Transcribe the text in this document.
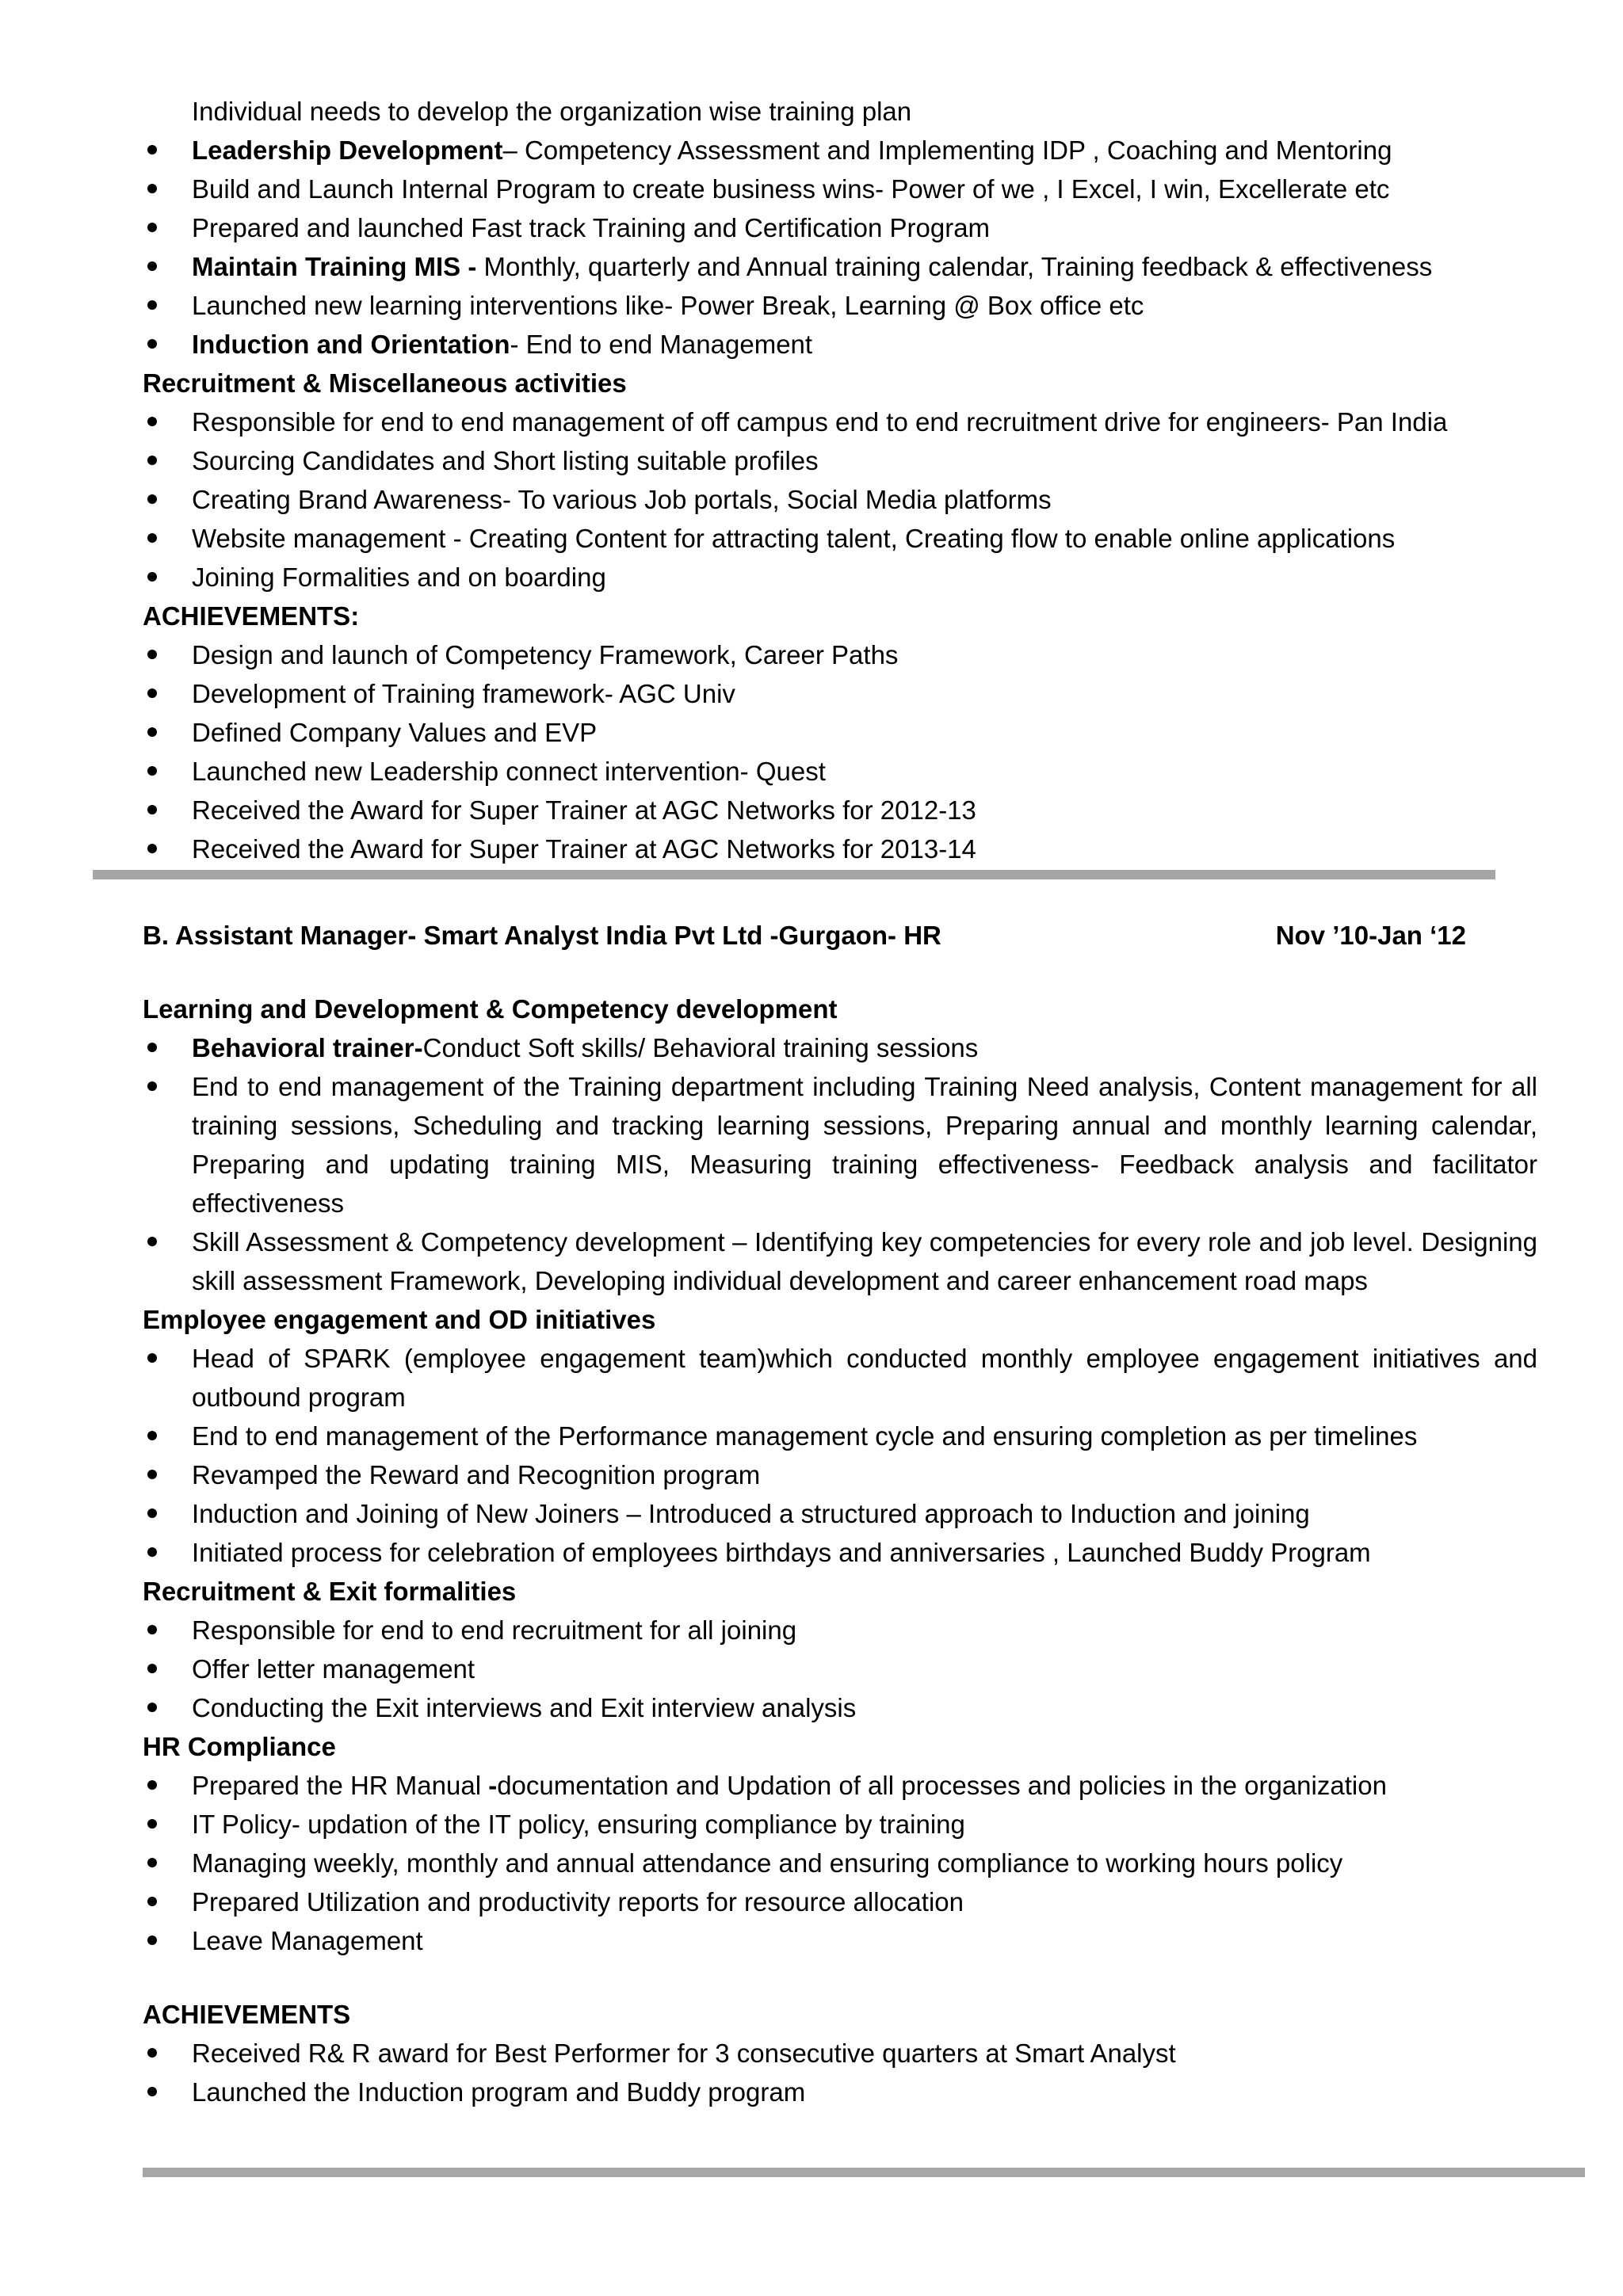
Individual needs to develop the organization wise training plan
Leadership Development– Competency Assessment and Implementing IDP , Coaching and Mentoring
Build and Launch Internal Program to create business wins- Power of we , I Excel, I win, Excellerate etc
Prepared and launched Fast track Training and Certification Program
Maintain Training MIS - Monthly, quarterly and Annual training calendar, Training feedback & effectiveness
Launched new learning interventions like- Power Break, Learning @ Box office etc
Induction and Orientation- End to end Management
Recruitment & Miscellaneous activities
Responsible for end to end management of off campus end to end recruitment drive for engineers- Pan India
Sourcing Candidates and Short listing suitable profiles
Creating Brand Awareness- To various Job portals, Social Media platforms
Website management - Creating Content for attracting talent, Creating flow to enable online applications
Joining Formalities and on boarding
ACHIEVEMENTS:
Design and launch of Competency Framework, Career Paths
Development of Training framework- AGC Univ
Defined Company Values and EVP
Launched new Leadership connect intervention- Quest
Received the Award for Super Trainer at AGC Networks for 2012-13
Received the Award for Super Trainer at AGC Networks for 2013-14
B. Assistant Manager- Smart Analyst India Pvt Ltd -Gurgaon- HR	Nov ’10-Jan ‘12
Learning and Development & Competency development
Behavioral trainer-Conduct Soft skills/ Behavioral training sessions
End to end management of the Training department including Training Need analysis, Content management for all training sessions, Scheduling and tracking learning sessions, Preparing annual and monthly learning calendar, Preparing and updating training MIS, Measuring training effectiveness- Feedback analysis and facilitator effectiveness
Skill Assessment & Competency development – Identifying key competencies for every role and job level. Designing skill assessment Framework, Developing individual development and career enhancement road maps
Employee engagement and OD initiatives
Head of SPARK (employee engagement team)which conducted monthly employee engagement initiatives and outbound program
End to end management of the Performance management cycle and ensuring completion as per timelines
Revamped the Reward and Recognition program
Induction and Joining of New Joiners – Introduced a structured approach to Induction and joining
Initiated process for celebration of employees birthdays and anniversaries , Launched Buddy Program
Recruitment & Exit formalities
Responsible for end to end recruitment for all joining
Offer letter management
Conducting the Exit interviews and Exit interview analysis
HR Compliance
Prepared the HR Manual -documentation and Updation of all processes and policies in the organization
IT Policy- updation of the IT policy, ensuring compliance by training
Managing weekly, monthly and annual attendance and ensuring compliance to working hours policy
Prepared Utilization and productivity reports for resource allocation
Leave Management
ACHIEVEMENTS
Received R& R award for Best Performer for 3 consecutive quarters at Smart Analyst
Launched the Induction program and Buddy program
